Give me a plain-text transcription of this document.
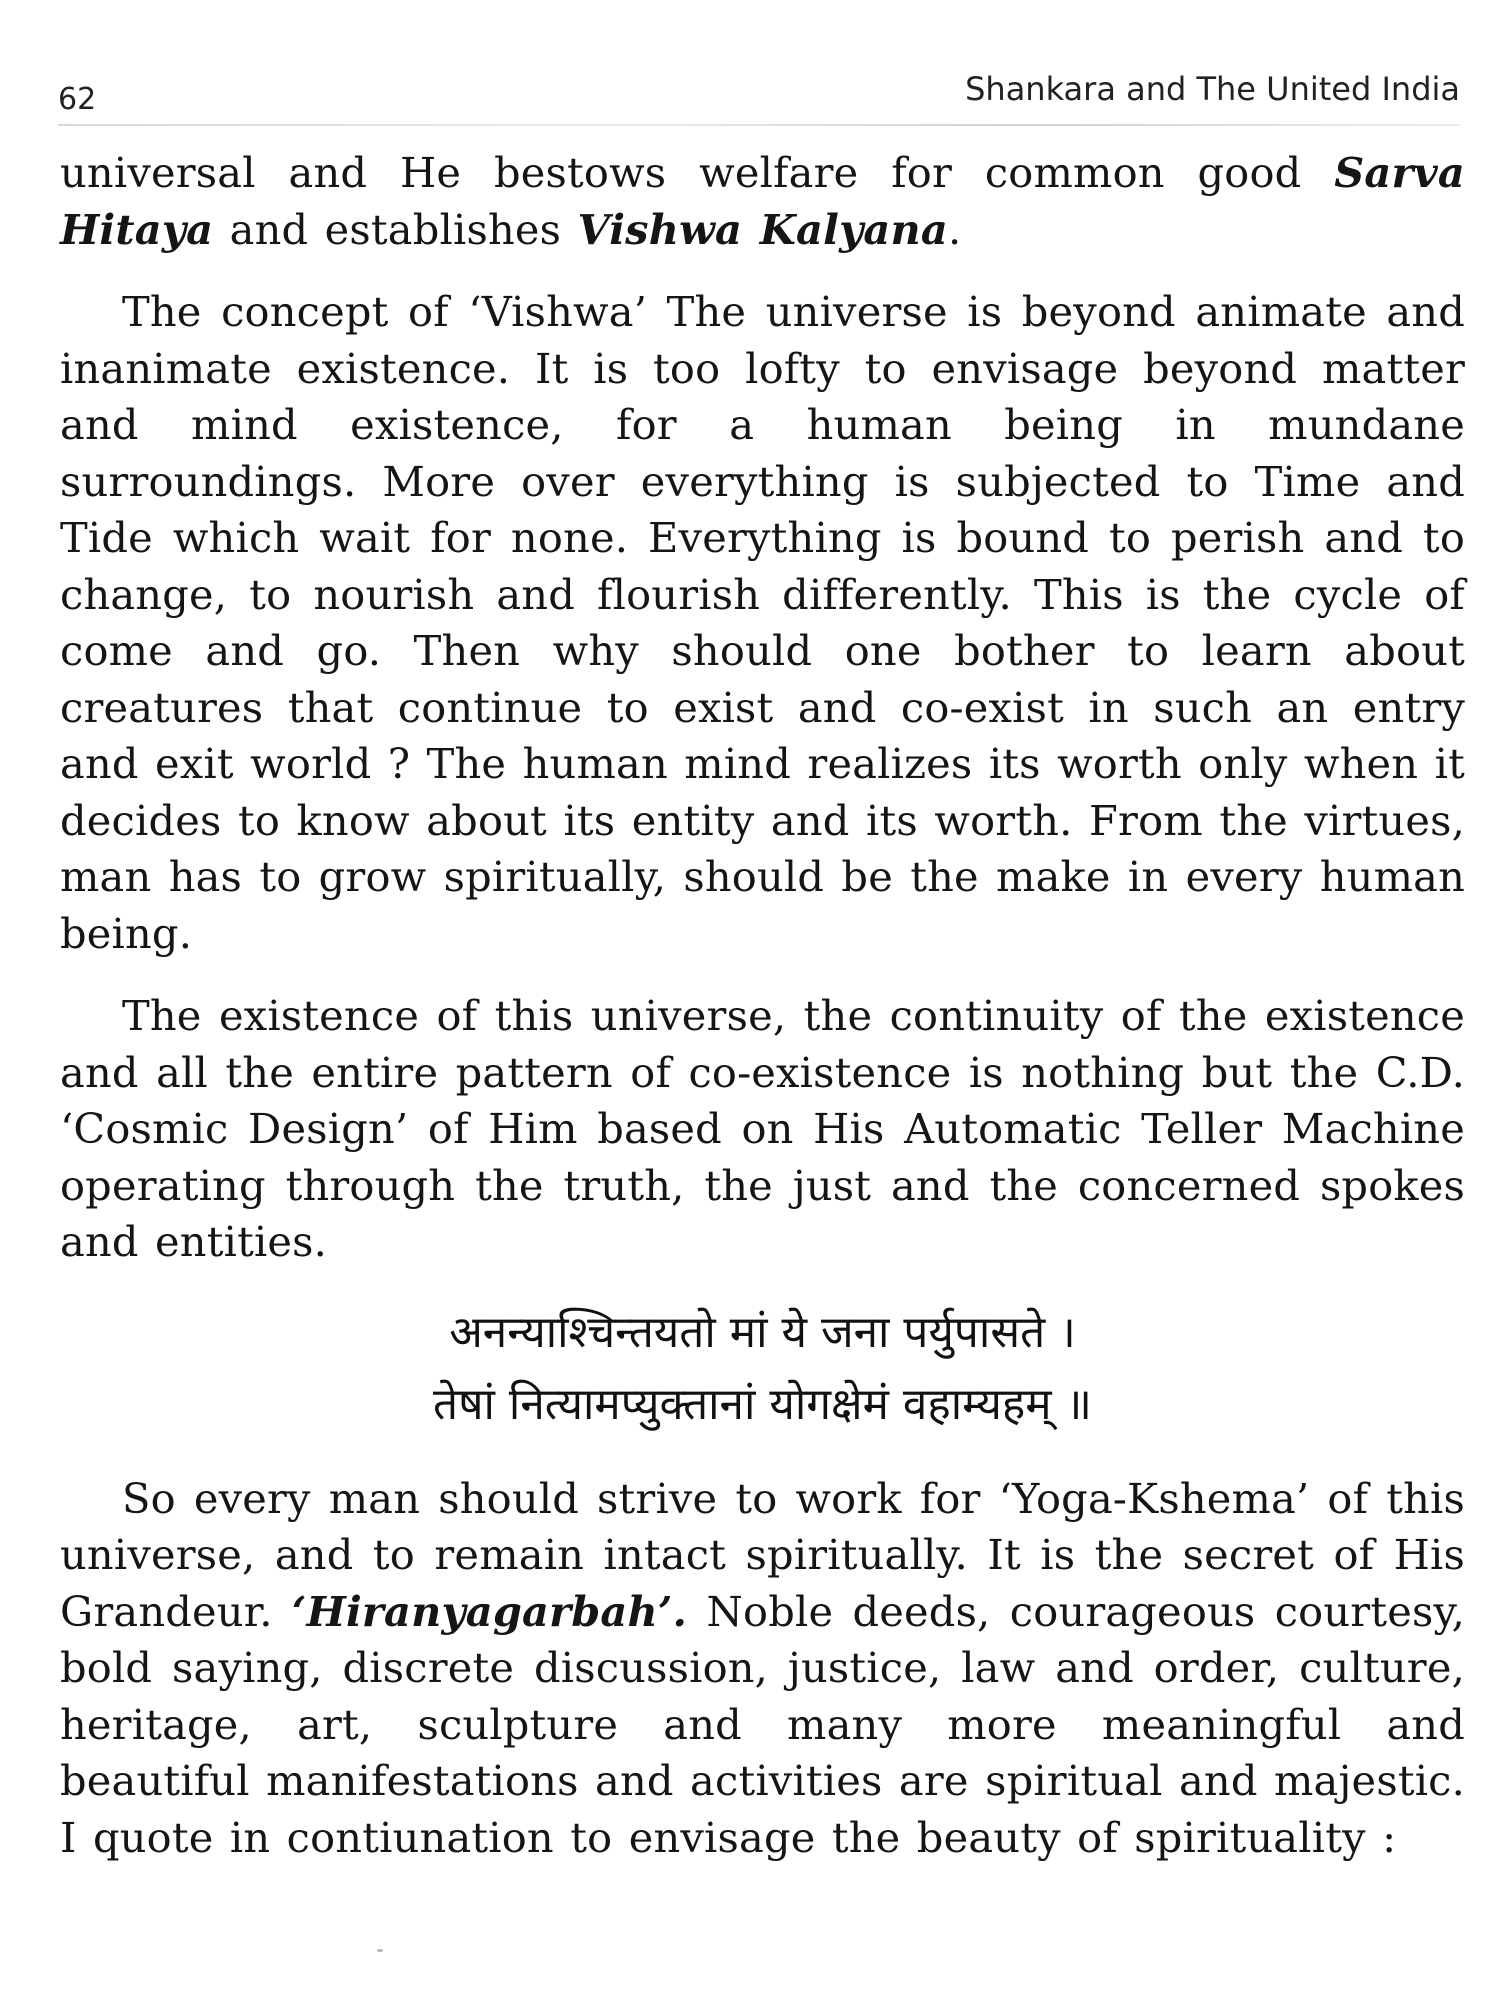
62	Shankara and The United India

universal and He bestows welfare for common good Sarva Hitaya and establishes Vishwa Kalyana.

The concept of ‘Vishwa’ The universe is beyond animate and inanimate existence. It is too lofty to envisage beyond matter and mind existence, for a human being in mundane surroundings. More over everything is subjected to Time and Tide which wait for none. Everything is bound to perish and to change, to nourish and flourish differently. This is the cycle of come and go. Then why should one bother to learn about creatures that continue to exist and co-exist in such an entry and exit world ? The human mind realizes its worth only when it decides to know about its entity and its worth. From the virtues, man has to grow spiritually, should be the make in every human being.

The existence of this universe, the continuity of the existence and all the entire pattern of co-existence is nothing but the C.D. ‘Cosmic Design’ of Him based on His Automatic Teller Machine operating through the truth, the just and the concerned spokes and entities.

अनन्याश्चिन्तयतो मां ये जना पर्युपासते ।
तेषां नित्यामप्युक्तानां योगक्षेमं वहाम्यहम् ॥

So every man should strive to work for ‘Yoga-Kshema’ of this universe, and to remain intact spiritually. It is the secret of His Grandeur. ‘Hiranyagarbah’. Noble deeds, courageous courtesy, bold saying, discrete discussion, justice, law and order, culture, heritage, art, sculpture and many more meaningful and beautiful manifestations and activities are spiritual and majestic. I quote in contiunation to envisage the beauty of spirituality :
